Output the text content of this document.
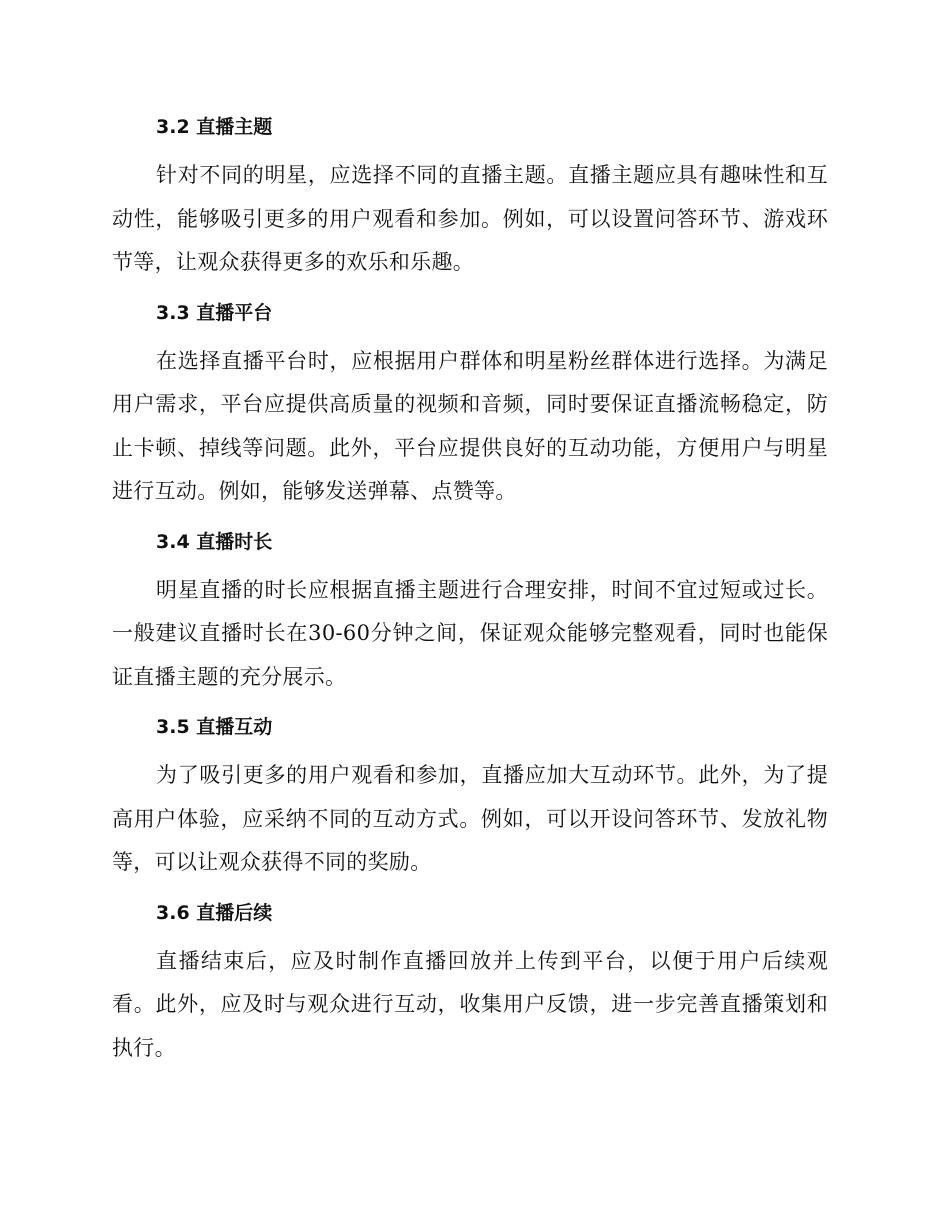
3.2 直播主题

针对不同的明星，应选择不同的直播主题。直播主题应具有趣味性和互动性，能够吸引更多的用户观看和参加。例如，可以设置问答环节、游戏环节等，让观众获得更多的欢乐和乐趣。

3.3 直播平台

在选择直播平台时，应根据用户群体和明星粉丝群体进行选择。为满足用户需求，平台应提供高质量的视频和音频，同时要保证直播流畅稳定，防止卡顿、掉线等问题。此外，平台应提供良好的互动功能，方便用户与明星进行互动。例如，能够发送弹幕、点赞等。

3.4 直播时长

明星直播的时长应根据直播主题进行合理安排，时间不宜过短或过长。一般建议直播时长在30-60分钟之间，保证观众能够完整观看，同时也能保证直播主题的充分展示。

3.5 直播互动

为了吸引更多的用户观看和参加，直播应加大互动环节。此外，为了提高用户体验，应采纳不同的互动方式。例如，可以开设问答环节、发放礼物等，可以让观众获得不同的奖励。

3.6 直播后续

直播结束后，应及时制作直播回放并上传到平台，以便于用户后续观看。此外，应及时与观众进行互动，收集用户反馈，进一步完善直播策划和执行。
